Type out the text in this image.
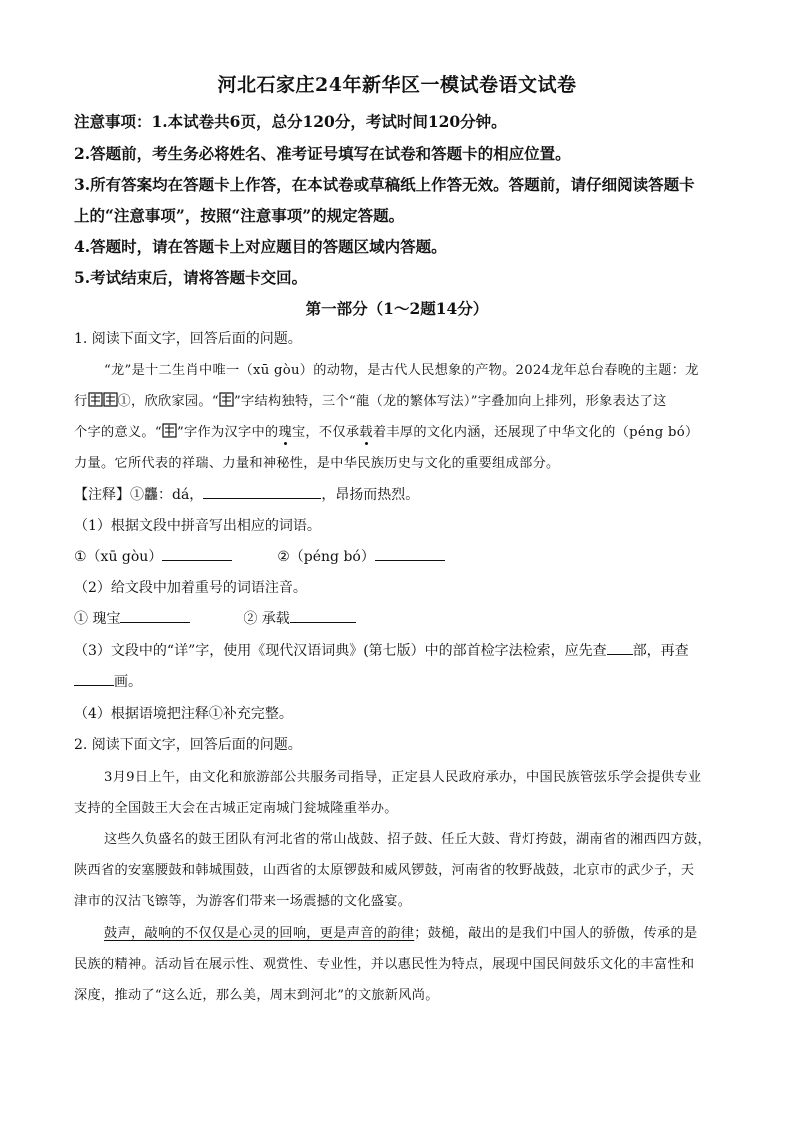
河北石家庄24年新华区一模试卷语文试卷
注意事项：1.本试卷共6页，总分120分，考试时间120分钟。
2.答题前，考生务必将姓名、准考证号填写在试卷和答题卡的相应位置。
3.所有答案均在答题卡上作答，在本试卷或草稿纸上作答无效。答题前，请仔细阅读答题卡
上的“注意事项”，按照“注意事项”的规定答题。
4.答题时，请在答题卡上对应题目的答题区域内答题。
5.考试结束后，请将答题卡交回。
第一部分（1～2题14分）
1. 阅读下面文字，回答后面的问题。
“龙”是十二生肖中唯一（xū gòu）的动物，是古代人民想象的产物。2024龙年总台春晚的主题：龙
行 ①，欣欣家园。“ ”字结构独特，三个“龍（龙的繁体写法）”字叠加向上排列，形象表达了这
个字的意义。“ ”字作为汉字中的瑰宝，不仅承载着丰厚的文化内涵，还展现了中华文化的（péng bó）
力量。它所代表的祥瑞、力量和神秘性，是中华民族历史与文化的重要组成部分。
【注释】①龘：dá，	，昂扬而热烈。
（1）根据文段中拼音写出相应的词语。
①（xū gòu）	②（péng bó）
（2）给文段中加着重号的词语注音。
① 瑰宝	② 承载
（3）文段中的“详”字，使用《现代汉语词典》(第七版）中的部首检字法检索，应先查 部，再查
画。
（4）根据语境把注释①补充完整。
2. 阅读下面文字，回答后面的问题。
3月9日上午，由文化和旅游部公共服务司指导，正定县人民政府承办，中国民族管弦乐学会提供专业
支持的全国鼓王大会在古城正定南城门瓮城隆重举办。
这些久负盛名的鼓王团队有河北省的常山战鼓、招子鼓、任丘大鼓、背灯挎鼓，湖南省的湘西四方鼓，
陕西省的安塞腰鼓和韩城围鼓，山西省的太原锣鼓和威风锣鼓，河南省的牧野战鼓，北京市的武少子，天
津市的汉沽飞镲等，为游客们带来一场震撼的文化盛宴。
鼓声，敲响的不仅仅是心灵的回响，更是声音的韵律；鼓槌，敲出的是我们中国人的骄傲，传承的是
民族的精神。活动旨在展示性、观赏性、专业性，并以惠民性为特点，展现中国民间鼓乐文化的丰富性和
深度，推动了“这么近，那么美，周末到河北”的文旅新风尚。
